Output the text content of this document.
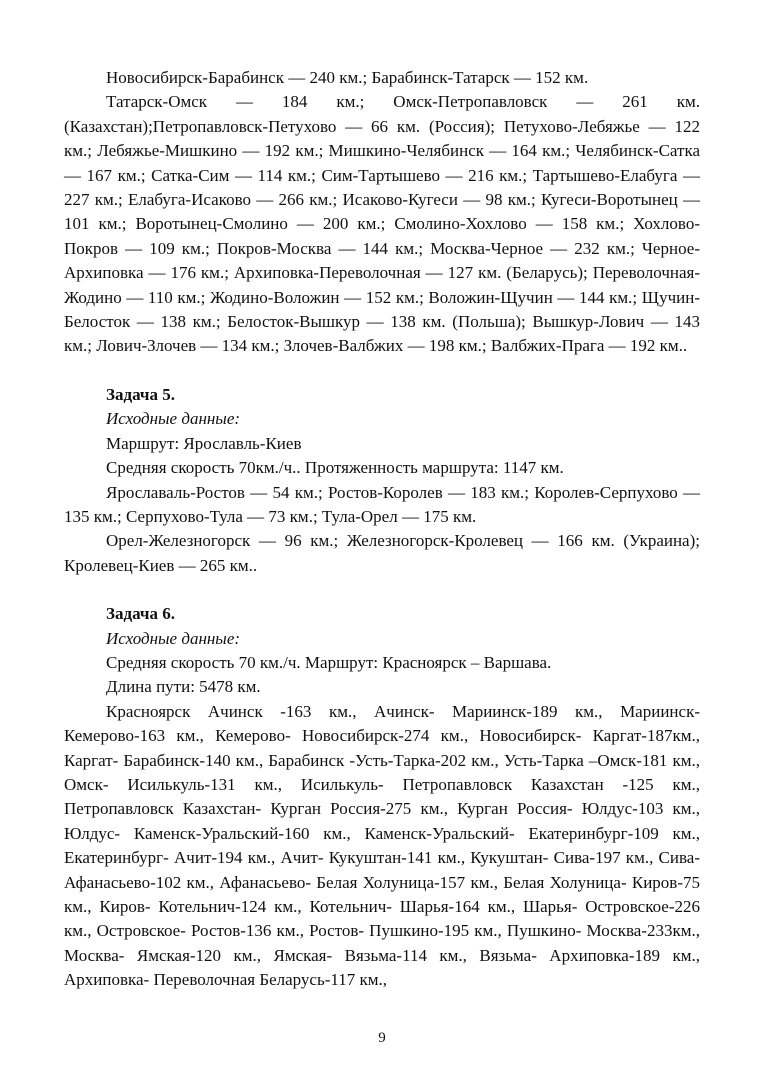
Новосибирск-Барабинск — 240 км.; Барабинск-Татарск — 152 км.

Татарск-Омск — 184 км.; Омск-Петропавловск — 261 км. (Казахстан);Петропавловск-Петухово — 66 км. (Россия); Петухово-Лебяжье — 122 км.; Лебяжье-Мишкино — 192 км.; Мишкино-Челябинск — 164 км.; Челябинск-Сатка — 167 км.; Сатка-Сим — 114 км.; Сим-Тартышево — 216 км.; Тартышево-Елабуга — 227 км.; Елабуга-Исаково — 266 км.; Исаково-Кугеси — 98 км.; Кугеси-Воротынец — 101 км.; Воротынец-Смолино — 200 км.; Смолино-Хохлово — 158 км.; Хохлово-Покров — 109 км.; Покров-Москва — 144 км.; Москва-Черное — 232 км.; Черное-Архиповка — 176 км.; Архиповка-Переволочная — 127 км. (Беларусь); Переволочная-Жодино — 110 км.; Жодино-Воложин — 152 км.; Воложин-Щучин — 144 км.; Щучин-Белосток — 138 км.; Белосток-Вышкур — 138 км. (Польша); Вышкур-Лович — 143 км.; Лович-Злочев — 134 км.; Злочев-Валбжих — 198 км.; Валбжих-Прага — 192 км..

Задача 5.

Исходные данные:

Маршрут: Ярославль-Киев

Средняя скорость 70км./ч.. Протяженность маршрута: 1147 км.

Ярославаль-Ростов — 54 км.; Ростов-Королев — 183 км.; Королев-Серпухово — 135 км.; Серпухово-Тула — 73 км.; Тула-Орел — 175 км.

Орел-Железногорск — 96 км.; Железногорск-Кролевец — 166 км. (Украина); Кролевец-Киев — 265 км..

Задача 6.

Исходные данные:

Средняя скорость 70 км./ч. Маршрут: Красноярск – Варшава.

Длина пути: 5478 км.

Красноярск Ачинск -163 км., Ачинск- Мариинск-189 км., Мариинск-Кемерово-163 км., Кемерово- Новосибирск-274 км., Новосибирск- Каргат-187км., Каргат- Барабинск-140 км., Барабинск -Усть-Тарка-202 км., Усть-Тарка –Омск-181 км., Омск- Исилькуль-131 км., Исилькуль- Петропавловск Казахстан -125 км., Петропавловск Казахстан- Курган Россия-275 км., Курган Россия- Юлдус-103 км., Юлдус- Каменск-Уральский-160 км., Каменск-Уральский- Екатеринбург-109 км., Екатеринбург- Ачит-194 км., Ачит- Кукуштан-141 км., Кукуштан- Сива-197 км., Сива- Афанасьево-102 км., Афанасьево- Белая Холуница-157 км., Белая Холуница- Киров-75 км., Киров- Котельнич-124 км., Котельнич- Шарья-164 км., Шарья- Островское-226 км., Островское- Ростов-136 км., Ростов- Пушкино-195 км., Пушкино- Москва-233км., Москва- Ямская-120 км., Ямская- Вязьма-114 км., Вязьма- Архиповка-189 км., Архиповка- Переволочная Беларусь-117 км.,

9
